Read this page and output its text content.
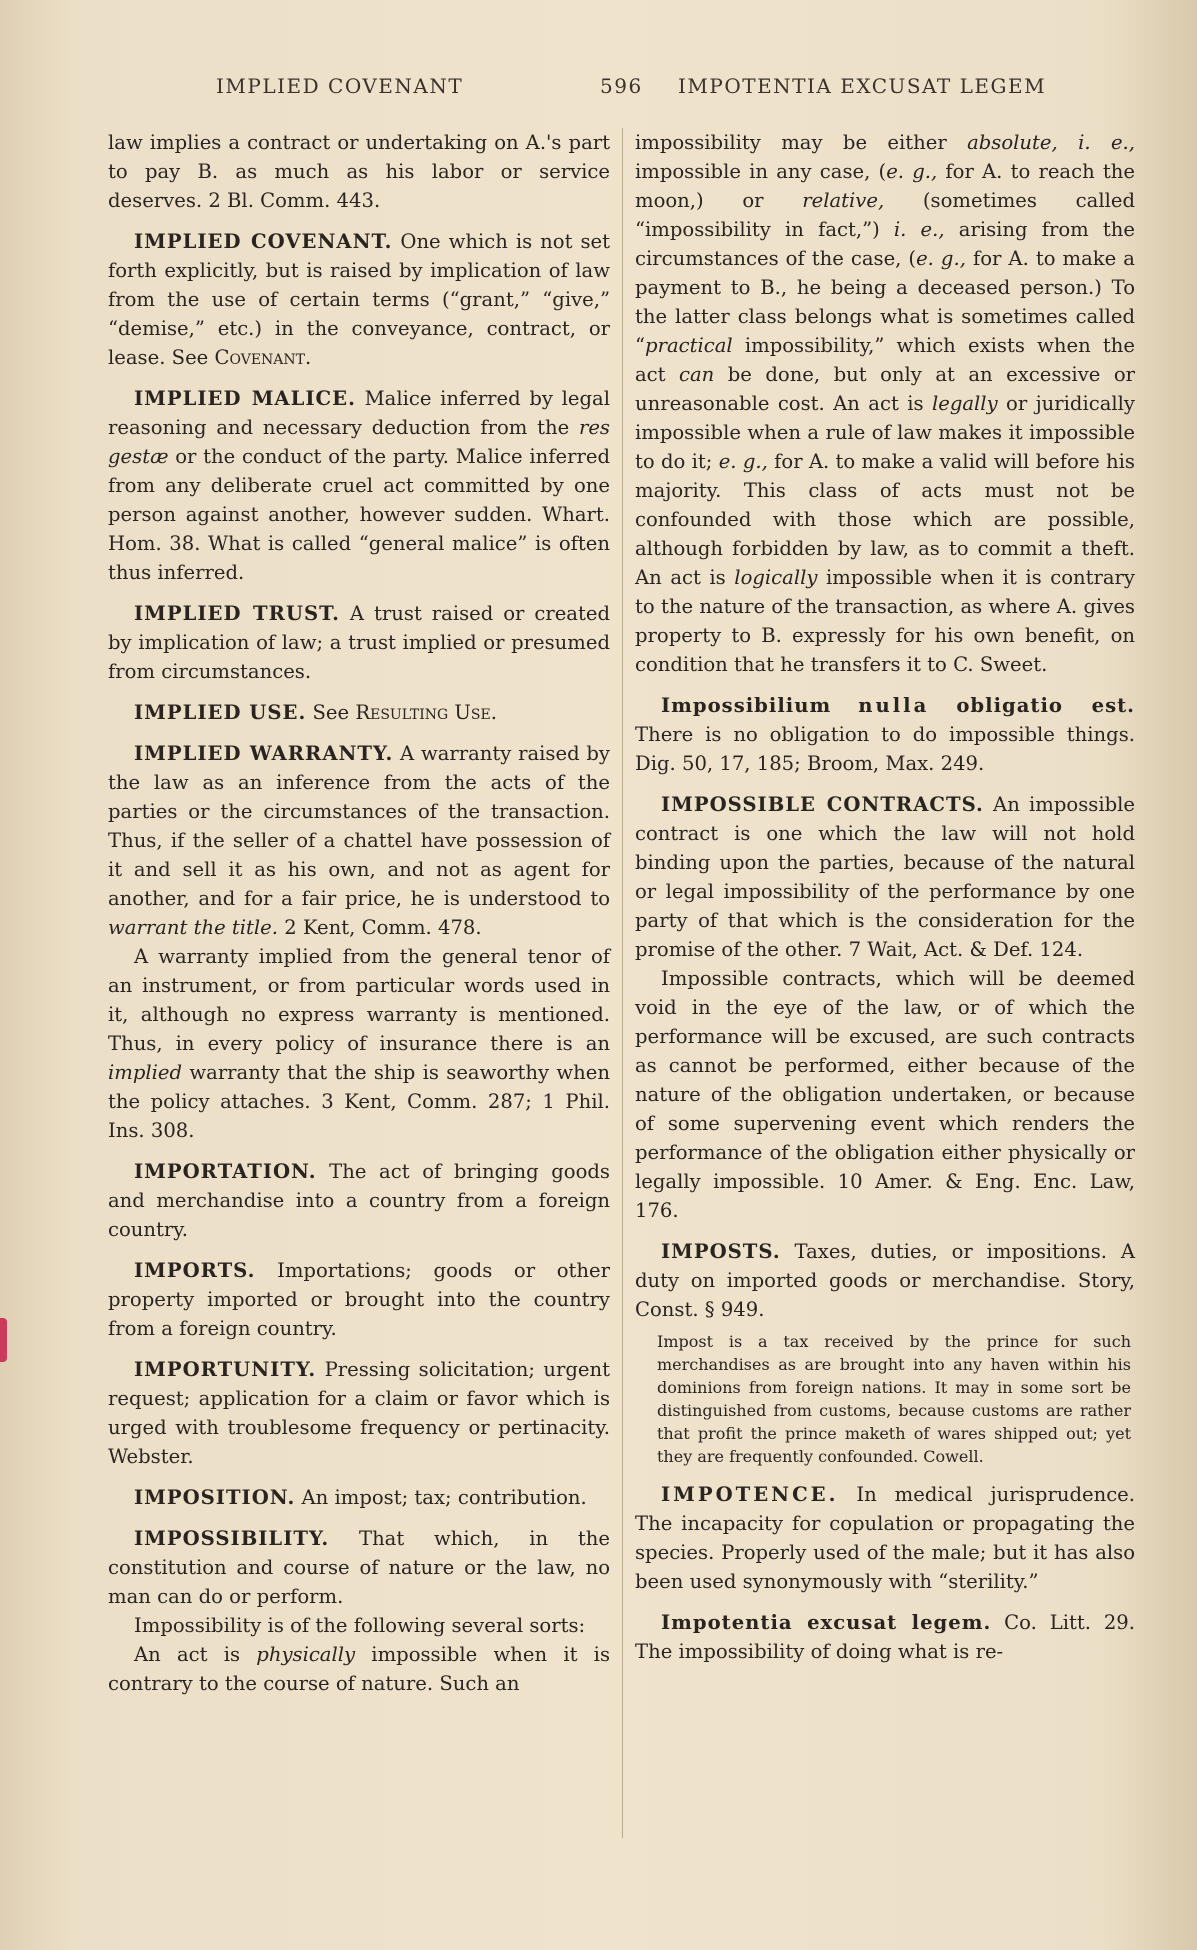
IMPLIED COVENANT	596 IMPOTENTIA EXCUSAT LEGEM

law implies a contract or undertaking on A.'s part to pay B. as much as his labor or service deserves. 2 Bl. Comm. 443.

IMPLIED COVENANT. One which is not set forth explicitly, but is raised by implication of law from the use of certain terms (“grant,” “give,” “demise,” etc.) in the conveyance, contract, or lease. See Covenant.

IMPLIED MALICE. Malice inferred by legal reasoning and necessary deduction from the res gestæ or the conduct of the party. Malice inferred from any deliberate cruel act committed by one person against another, however sudden. Whart. Hom. 38. What is called “general malice” is often thus inferred.

IMPLIED TRUST. A trust raised or created by implication of law; a trust implied or presumed from circumstances.

IMPLIED USE. See Resulting Use.

IMPLIED WARRANTY. A warranty raised by the law as an inference from the acts of the parties or the circumstances of the transaction. Thus, if the seller of a chattel have possession of it and sell it as his own, and not as agent for another, and for a fair price, he is understood to warrant the title. 2 Kent, Comm. 478.

A warranty implied from the general tenor of an instrument, or from particular words used in it, although no express warranty is mentioned. Thus, in every policy of insurance there is an implied warranty that the ship is seaworthy when the policy attaches. 3 Kent, Comm. 287; 1 Phil. Ins. 308.

IMPORTATION. The act of bringing goods and merchandise into a country from a foreign country.

IMPORTS. Importations; goods or other property imported or brought into the country from a foreign country.

IMPORTUNITY. Pressing solicitation; urgent request; application for a claim or favor which is urged with troublesome frequency or pertinacity. Webster.

IMPOSITION. An impost; tax; contribution.

IMPOSSIBILITY. That which, in the constitution and course of nature or the law, no man can do or perform.

Impossibility is of the following several sorts:

An act is physically impossible when it is contrary to the course of nature. Such an

impossibility may be either absolute, i. e., impossible in any case, (e. g., for A. to reach the moon,) or relative, (sometimes called “impossibility in fact,”) i. e., arising from the circumstances of the case, (e. g., for A. to make a payment to B., he being a deceased person.) To the latter class belongs what is sometimes called “practical impossibility,” which exists when the act can be done, but only at an excessive or unreasonable cost. An act is legally or juridically impossible when a rule of law makes it impossible to do it; e. g., for A. to make a valid will before his majority. This class of acts must not be confounded with those which are possible, although forbidden by law, as to commit a theft. An act is logically impossible when it is contrary to the nature of the transaction, as where A. gives property to B. expressly for his own benefit, on condition that he transfers it to C. Sweet.

Impossibilium nulla obligatio est. There is no obligation to do impossible things. Dig. 50, 17, 185; Broom, Max. 249.

IMPOSSIBLE CONTRACTS. An impossible contract is one which the law will not hold binding upon the parties, because of the natural or legal impossibility of the performance by one party of that which is the consideration for the promise of the other. 7 Wait, Act. & Def. 124.

Impossible contracts, which will be deemed void in the eye of the law, or of which the performance will be excused, are such contracts as cannot be performed, either because of the nature of the obligation undertaken, or because of some supervening event which renders the performance of the obligation either physically or legally impossible. 10 Amer. & Eng. Enc. Law, 176.

IMPOSTS. Taxes, duties, or impositions. A duty on imported goods or merchandise. Story, Const. § 949.

Impost is a tax received by the prince for such merchandises as are brought into any haven within his dominions from foreign nations. It may in some sort be distinguished from customs, because customs are rather that profit the prince maketh of wares shipped out; yet they are frequently confounded. Cowell.

IMPOTENCE. In medical jurisprudence. The incapacity for copulation or propagating the species. Properly used of the male; but it has also been used synonymously with “sterility.”

Impotentia excusat legem. Co. Litt. 29. The impossibility of doing what is re-
